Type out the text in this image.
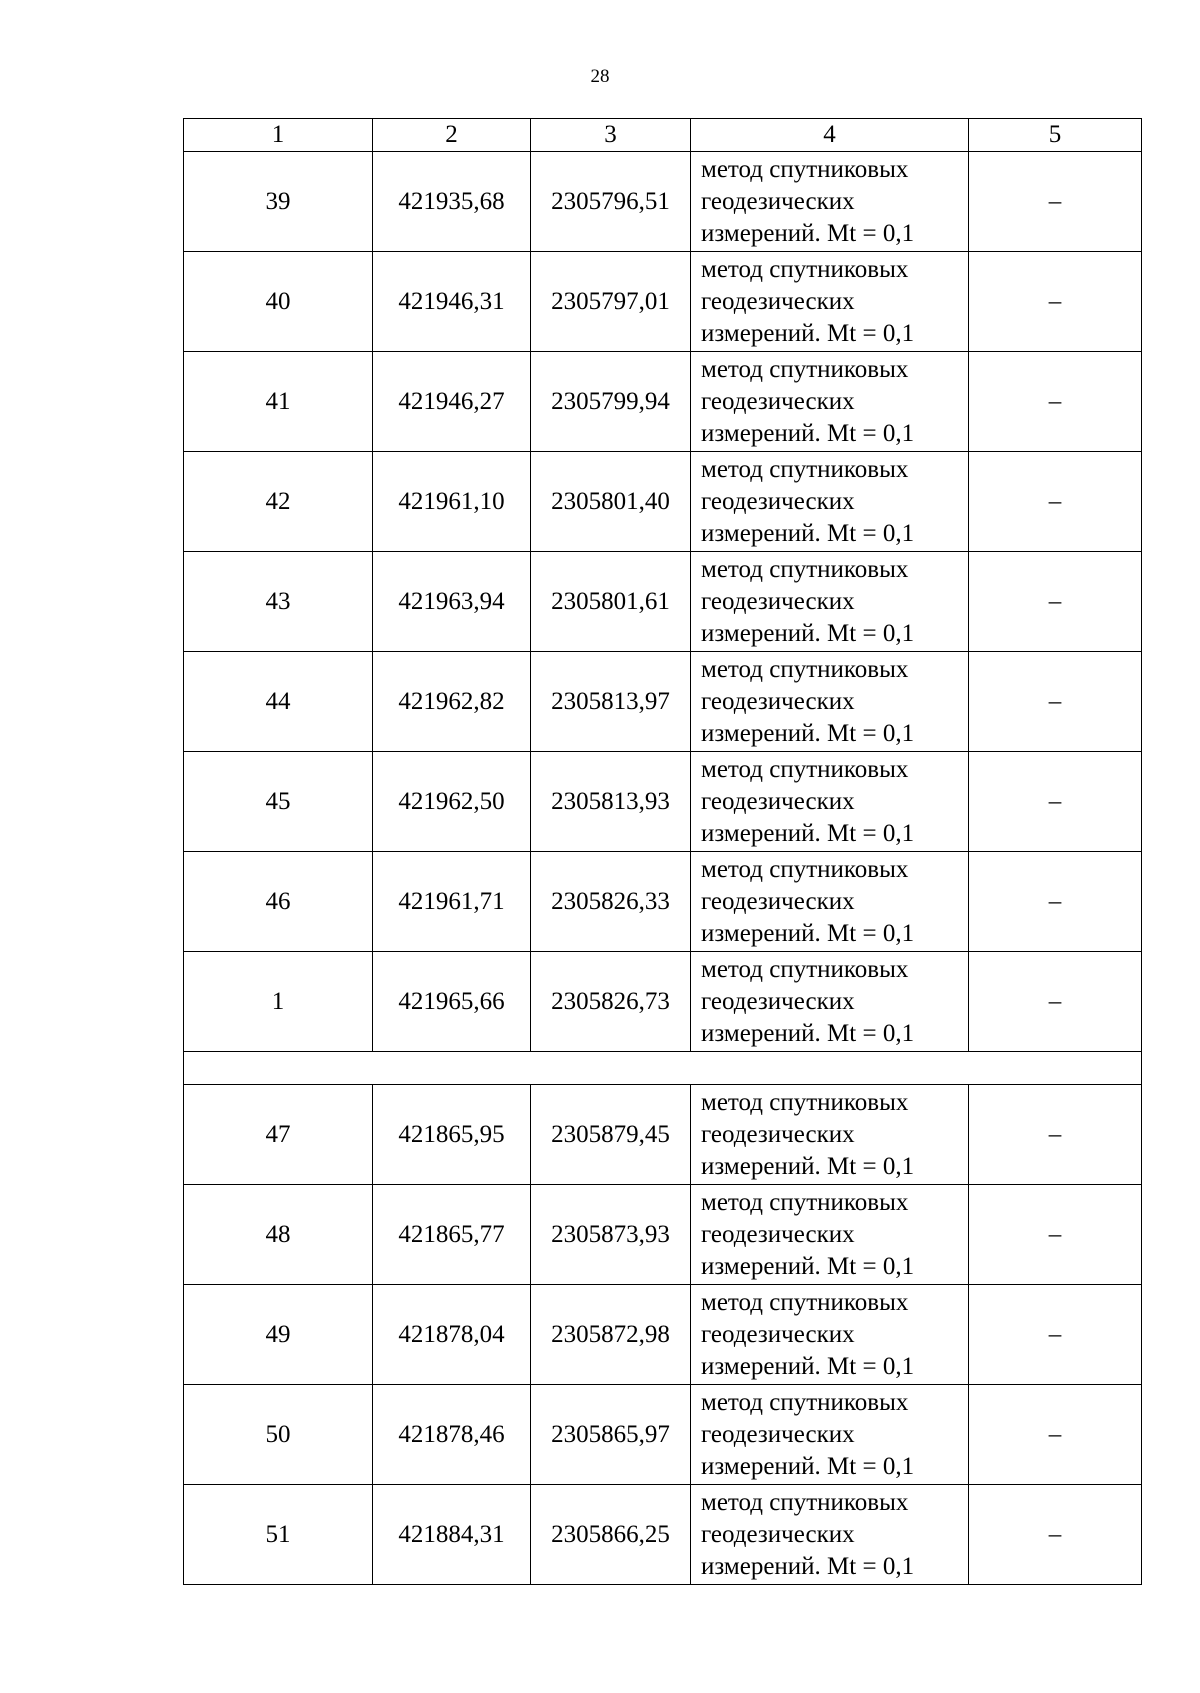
28
1	2	3	4	5
39	421935,68	2305796,51	метод спутниковых
геодезических
измерений. Mt = 0,1	–
40	421946,31	2305797,01	метод спутниковых
геодезических
измерений. Mt = 0,1	–
41	421946,27	2305799,94	метод спутниковых
геодезических
измерений. Mt = 0,1	–
42	421961,10	2305801,40	метод спутниковых
геодезических
измерений. Mt = 0,1	–
43	421963,94	2305801,61	метод спутниковых
геодезических
измерений. Mt = 0,1	–
44	421962,82	2305813,97	метод спутниковых
геодезических
измерений. Mt = 0,1	–
45	421962,50	2305813,93	метод спутниковых
геодезических
измерений. Mt = 0,1	–
46	421961,71	2305826,33	метод спутниковых
геодезических
измерений. Mt = 0,1	–
1	421965,66	2305826,73	метод спутниковых
геодезических
измерений. Mt = 0,1	–

47	421865,95	2305879,45	метод спутниковых
геодезических
измерений. Mt = 0,1	–
48	421865,77	2305873,93	метод спутниковых
геодезических
измерений. Mt = 0,1	–
49	421878,04	2305872,98	метод спутниковых
геодезических
измерений. Mt = 0,1	–
50	421878,46	2305865,97	метод спутниковых
геодезических
измерений. Mt = 0,1	–
51	421884,31	2305866,25	метод спутниковых
геодезических
измерений. Mt = 0,1	–
